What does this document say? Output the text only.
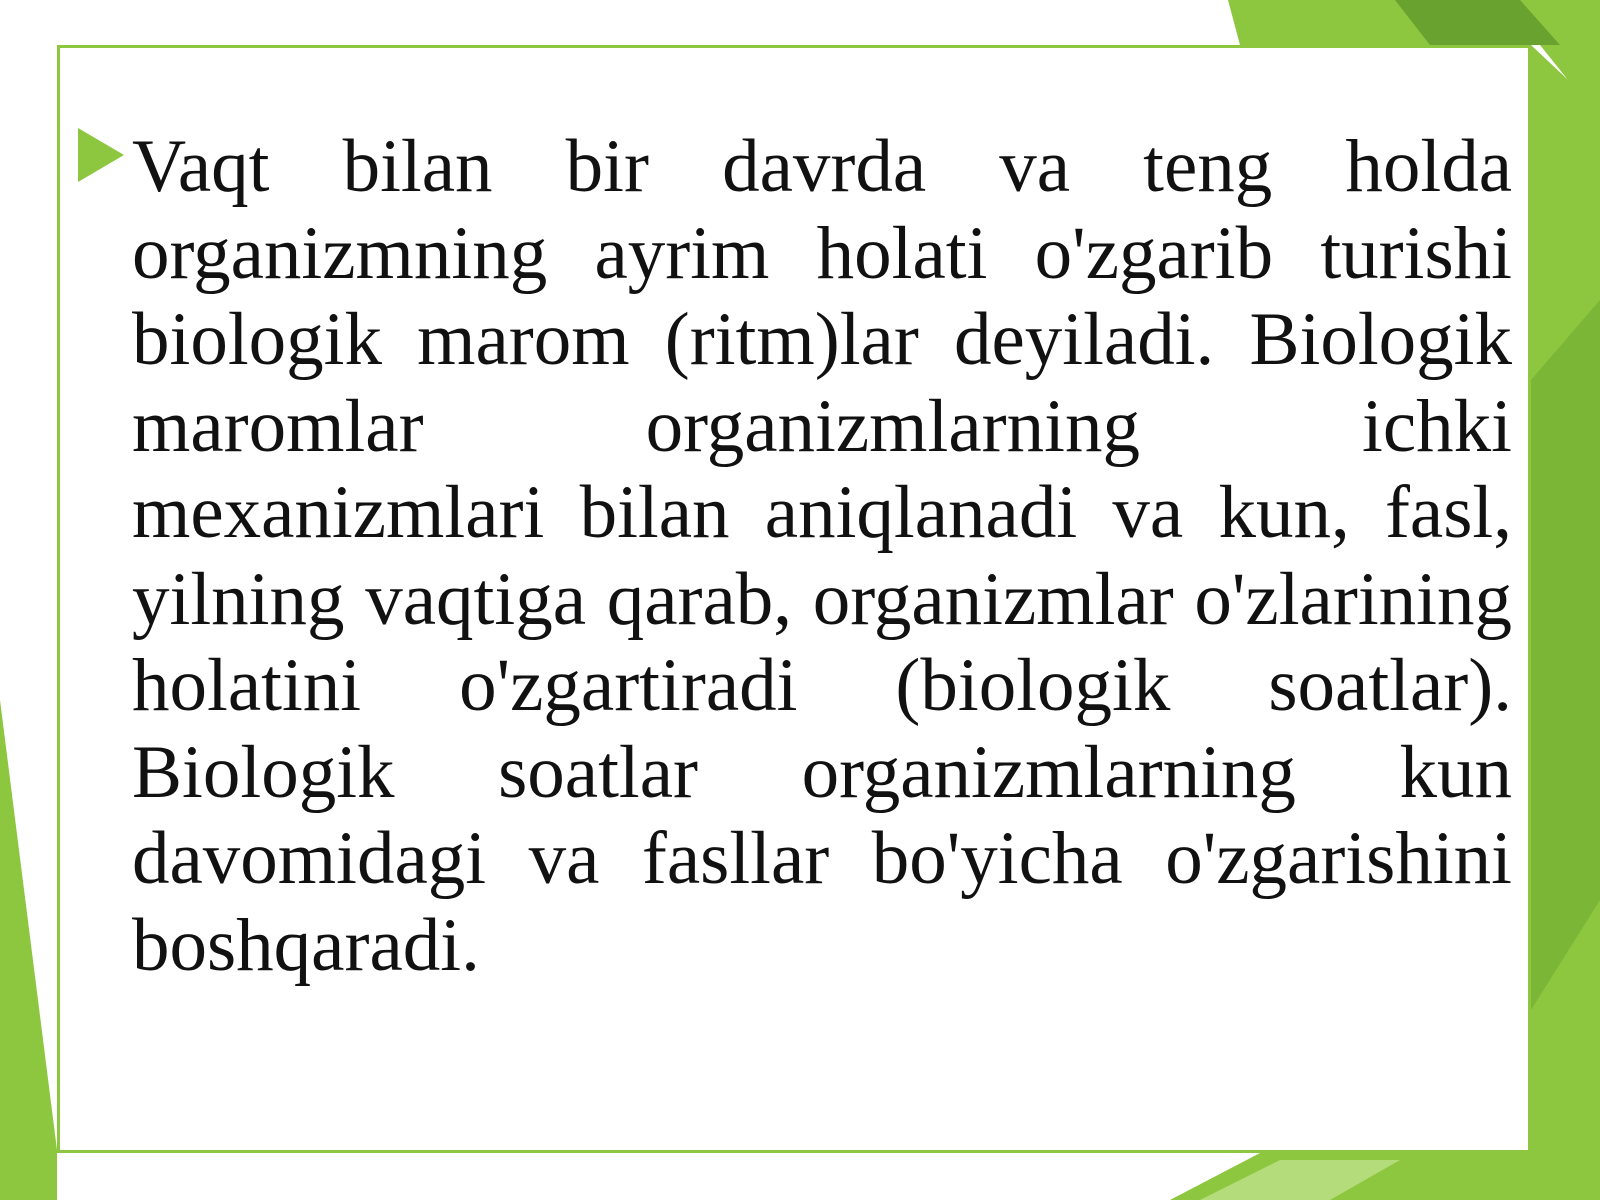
Vaqt bilan bir davrda va teng holda organizmning ayrim holati o'zgarib turishi biologik marom (ritm)lar deyiladi. Biologik maromlar organizmlarning ichki mexanizmlari bilan aniqlanadi va kun, fasl, yilning vaqtiga qarab, organizmlar o'zlarining holatini o'zgartiradi (biologik soatlar). Biologik soatlar organizmlarning kun davomidagi va fasllar bo'yicha o'zgarishini boshqaradi.
